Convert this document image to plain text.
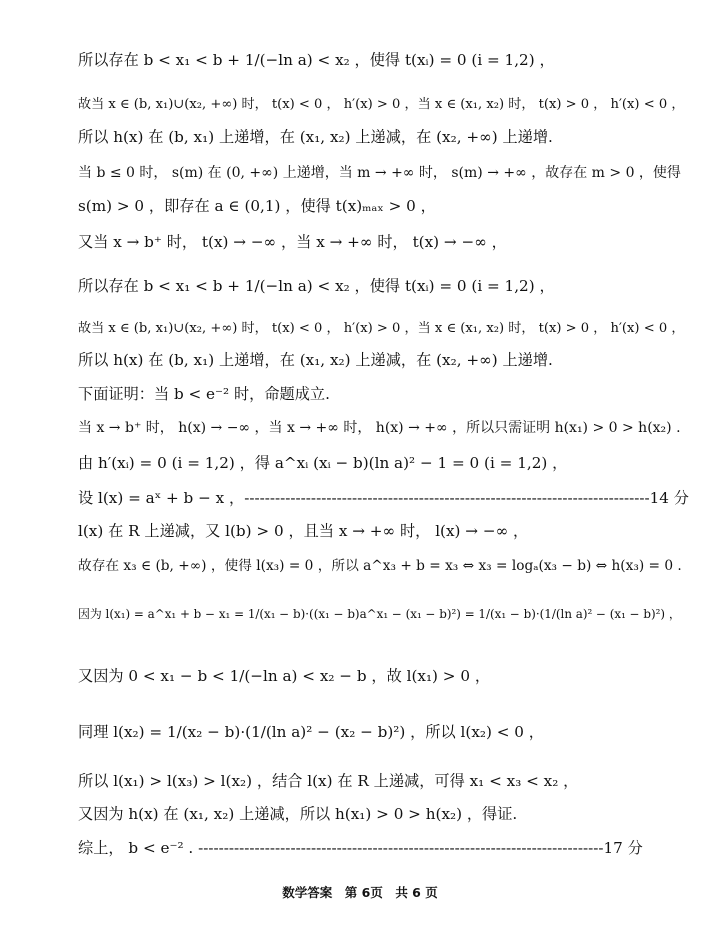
所以存在 b < x₁ < b + 1/(−ln a) < x₂ ，使得 t(xᵢ) = 0 (i = 1,2) ，
故当 x ∈ (b, x₁)∪(x₂, +∞) 时， t(x) < 0 ， h′(x) > 0 ，当 x ∈ (x₁, x₂) 时， t(x) > 0 ， h′(x) < 0 ，
所以 h(x) 在 (b, x₁) 上递增，在 (x₁, x₂) 上递减，在 (x₂, +∞) 上递增.
当 b ≤ 0 时， s(m) 在 (0, +∞) 上递增，当 m → +∞ 时， s(m) → +∞ ，故存在 m > 0 ，使得
s(m) > 0 ，即存在 a ∈ (0,1) ，使得 t(x)ₘₐₓ > 0 ，
又当 x → b⁺ 时， t(x) → −∞ ，当 x → +∞ 时， t(x) → −∞ ，
所以存在 b < x₁ < b + 1/(−ln a) < x₂ ，使得 t(xᵢ) = 0 (i = 1,2) ，
故当 x ∈ (b, x₁)∪(x₂, +∞) 时， t(x) < 0 ， h′(x) > 0 ，当 x ∈ (x₁, x₂) 时， t(x) > 0 ， h′(x) < 0 ，
所以 h(x) 在 (b, x₁) 上递增，在 (x₁, x₂) 上递减，在 (x₂, +∞) 上递增.
下面证明：当 b < e⁻² 时，命题成立.
当 x → b⁺ 时， h(x) → −∞ ，当 x → +∞ 时， h(x) → +∞ ，所以只需证明 h(x₁) > 0 > h(x₂) .
由 h′(xᵢ) = 0 (i = 1,2) ，得 a^xᵢ (xᵢ − b)(ln a)² − 1 = 0 (i = 1,2) ，
设 l(x) = aˣ + b − x ，-------------------------------------------------------------------------------14 分
l(x) 在 R 上递减，又 l(b) > 0 ，且当 x → +∞ 时， l(x) → −∞ ，
故存在 x₃ ∈ (b, +∞) ，使得 l(x₃) = 0 ，所以 a^x₃ + b = x₃ ⇔ x₃ = logₐ(x₃ − b) ⇔ h(x₃) = 0 .
因为 l(x₁) = a^x₁ + b − x₁ = 1/(x₁ − b)·((x₁ − b)a^x₁ − (x₁ − b)²) = 1/(x₁ − b)·(1/(ln a)² − (x₁ − b)²) ，
又因为 0 < x₁ − b < 1/(−ln a) < x₂ − b ，故 l(x₁) > 0 ，
同理 l(x₂) = 1/(x₂ − b)·(1/(ln a)² − (x₂ − b)²) ，所以 l(x₂) < 0 ，
所以 l(x₁) > l(x₃) > l(x₂) ，结合 l(x) 在 R 上递减，可得 x₁ < x₃ < x₂ ，
又因为 h(x) 在 (x₁, x₂) 上递减，所以 h(x₁) > 0 > h(x₂) ，得证.
综上， b < e⁻² . -------------------------------------------------------------------------------17 分
数学答案　第 6页　共 6 页
